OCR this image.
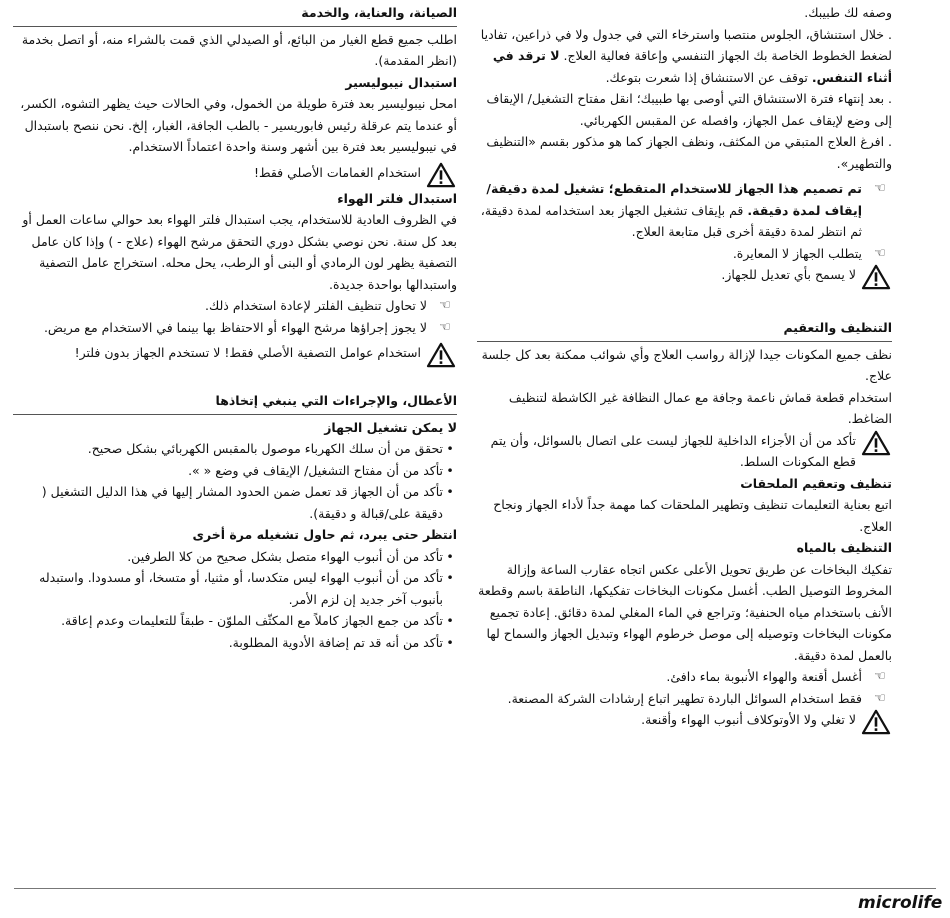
وصفه لك طبيبك.

. خلال استنشاق، الجلوس منتصبا واسترخاء التي في جدول ولا في ذراعين، تفاديا لضغط الخطوط الخاصة بك الجهاز التنفسي وإعاقة فعالية العلاج. لا ترقد في أثناء التنفس. توقف عن الاستنشاق إذا شعرت بتوعك.

. بعد إنتهاء فترة الاستنشاق التي أوصى بها طبيبك؛ انقل مفتاح التشغيل/ الإيقاف إلى وضع لإيقاف عمل الجهاز، وافصله عن المقبس الكهربائي.

. افرغ العلاج المتبقي من المكثف، ونظف الجهاز كما هو مذكور بقسم «التنظيف والتطهير».

☜
تم تصميم هذا الجهاز للاستخدام المتقطع؛ تشغيل لمدة دقيقة/ إيقاف لمدة دقيقة. قم بإيقاف تشغيل الجهاز بعد استخدامه لمدة دقيقة، ثم انتظر لمدة دقيقة أخرى قبل متابعة العلاج.
☜
يتطلب الجهاز لا المعايرة.
لا يسمح بأي تعديل للجهاز.
التنظيف والتعقيم

نظف جميع المكونات جيدا لإزالة رواسب العلاج وأي شوائب ممكنة بعد كل جلسة علاج.

استخدام قطعة قماش ناعمة وجافة مع عمال النظافة غير الكاشطة لتنظيف الضاغط.

تأكد من أن الأجزاء الداخلية للجهاز ليست على اتصال بالسوائل، وأن يتم قطع المكونات السلط.
تنظيف وتعقيم الملحقات

اتبع بعناية التعليمات تنظيف وتطهير الملحقات كما مهمة جداً لأداء الجهاز ونجاح العلاج.

التنظيف بالمياه

تفكيك البخاخات عن طريق تحويل الأعلى عكس اتجاه عقارب الساعة وإزالة المخروط التوصيل الطب. أغسل مكونات البخاخات تفكيكها، الناطقة باسم وقطعة الأنف باستخدام مياه الحنفية؛ وتراجع في الماء المغلي لمدة دقائق. إعادة تجميع مكونات البخاخات وتوصيله إلى موصل خرطوم الهواء وتبديل الجهاز والسماح لها بالعمل لمدة دقيقة.

☜
أغسل أقنعة والهواء الأنبوبة بماء دافئ.
☜
فقط استخدام السوائل الباردة تطهير اتباع إرشادات الشركة المصنعة.
لا تغلي ولا الأوتوكلاف أنبوب الهواء وأقنعة.
الصيانة، والعناية، والخدمة

اطلب جميع قطع الغيار من البائع، أو الصيدلي الذي قمت بالشراء منه، أو اتصل بخدمة (انظر المقدمة).

استبدال نيبوليسير

امحل نيبوليسير بعد فترة طويلة من الخمول، وفي الحالات حيث يظهر التشوه، الكسر، أو عندما يتم عرقلة رئيس فابوريسير - بالطب الجافة، الغبار، إلخ. نحن ننصح باستبدال في نيبوليسير بعد فترة بين أشهر وسنة واحدة اعتماداً الاستخدام.

استخدام الغمامات الأصلي فقط!
استبدال فلتر الهواء

في الظروف العادية للاستخدام، يجب استبدال فلتر الهواء بعد حوالي ساعات العمل أو بعد كل سنة. نحن نوصي بشكل دوري التحقق مرشح الهواء (علاج - ) وإذا كان عامل التصفية يظهر لون الرمادي أو البنى أو الرطب، يحل محله. استخراج عامل التصفية واستبدالها بواحدة جديدة.

☜
لا تحاول تنظيف الفلتر لإعادة استخدام ذلك.
☜
لا يجوز إجراؤها مرشح الهواء أو الاحتفاظ بها بينما في الاستخدام مع مريض.
استخدام عوامل التصفية الأصلي فقط! لا تستخدم الجهاز بدون فلتر!
الأعطال، والإجراءات التي ينبغي إتخاذها
لا يمكن تشغيل الجهاز
•
تحقق من أن سلك الكهرباء موصول بالمقبس الكهربائي بشكل صحيح.
•
تأكد من أن مفتاح التشغيل/ الإيقاف في وضع « ».
•
تأكد من أن الجهاز قد تعمل ضمن الحدود المشار إليها في هذا الدليل التشغيل ( دقيقة على/قبالة و دقيقة).
انتظر حتى يبرد، ثم حاول تشغيله مرة أخرى
•
تأكد من أن أنبوب الهواء متصل بشكل صحيح من كلا الطرفين.
•
تأكد من أن أنبوب الهواء ليس متكدسا، أو مثنيا، أو متسخا، أو مسدودا. واستبدله بأنبوب آخر جديد إن لزم الأمر.
•
تأكد من جمع الجهاز كاملاً مع المكثّف الملوّن - طبقاً للتعليمات وعدم إعاقة.
•
تأكد من أنه قد تم إضافة الأدوية المطلوبة.
microlife
